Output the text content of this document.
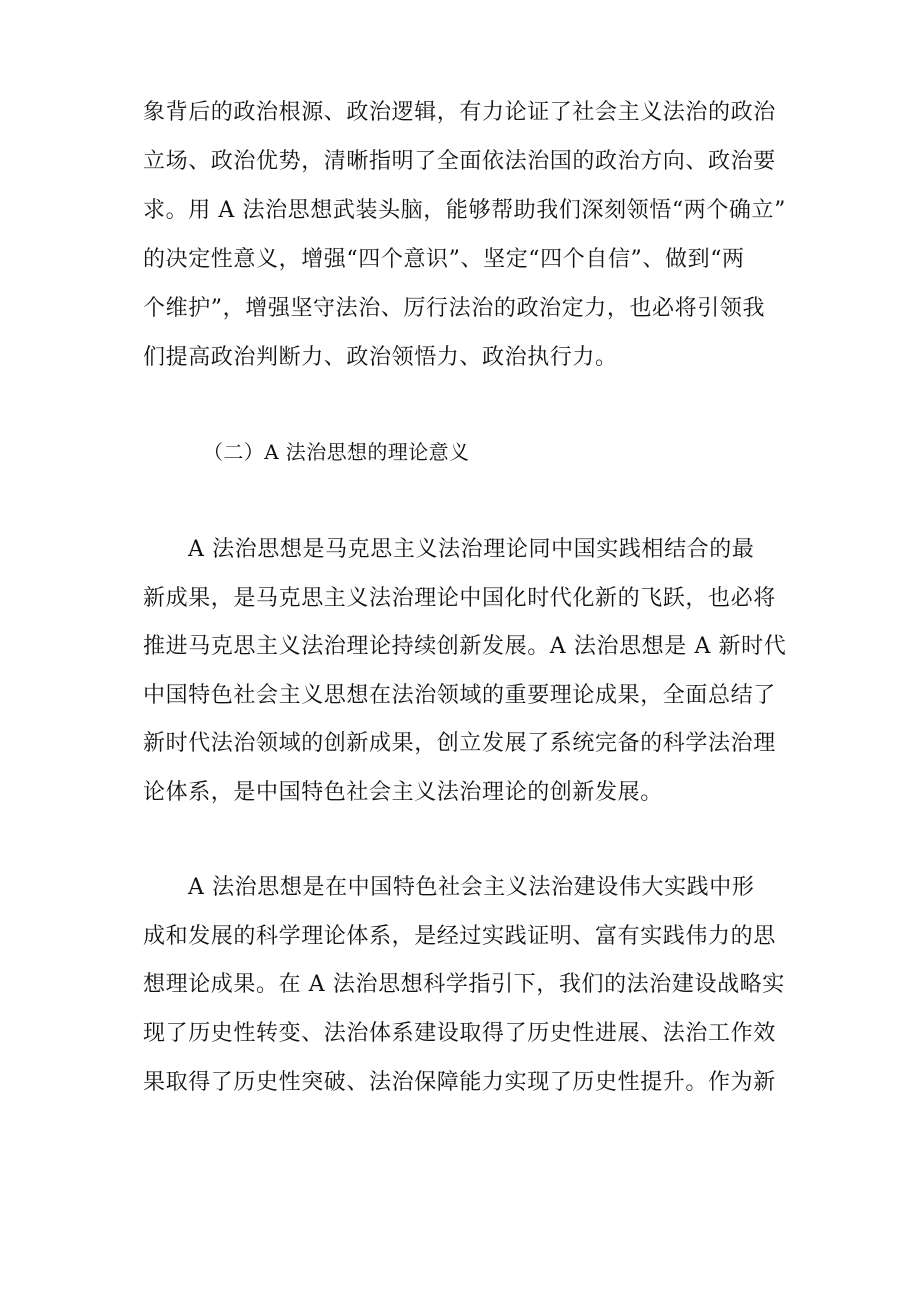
象背后的政治根源、政治逻辑，有力论证了社会主义法治的政治

立场、政治优势，清晰指明了全面依法治国的政治方向、政治要

求。用 A 法治思想武装头脑，能够帮助我们深刻领悟“两个确立”

的决定性意义，增强“四个意识”、坚定“四个自信”、做到“两

个维护”，增强坚守法治、厉行法治的政治定力，也必将引领我

们提高政治判断力、政治领悟力、政治执行力。

（二）A 法治思想的理论意义

A 法治思想是马克思主义法治理论同中国实践相结合的最

新成果，是马克思主义法治理论中国化时代化新的飞跃，也必将

推进马克思主义法治理论持续创新发展。A 法治思想是 A 新时代

中国特色社会主义思想在法治领域的重要理论成果，全面总结了

新时代法治领域的创新成果，创立发展了系统完备的科学法治理

论体系，是中国特色社会主义法治理论的创新发展。

A 法治思想是在中国特色社会主义法治建设伟大实践中形

成和发展的科学理论体系，是经过实践证明、富有实践伟力的思

想理论成果。在 A 法治思想科学指引下，我们的法治建设战略实

现了历史性转变、法治体系建设取得了历史性进展、法治工作效

果取得了历史性突破、法治保障能力实现了历史性提升。作为新
